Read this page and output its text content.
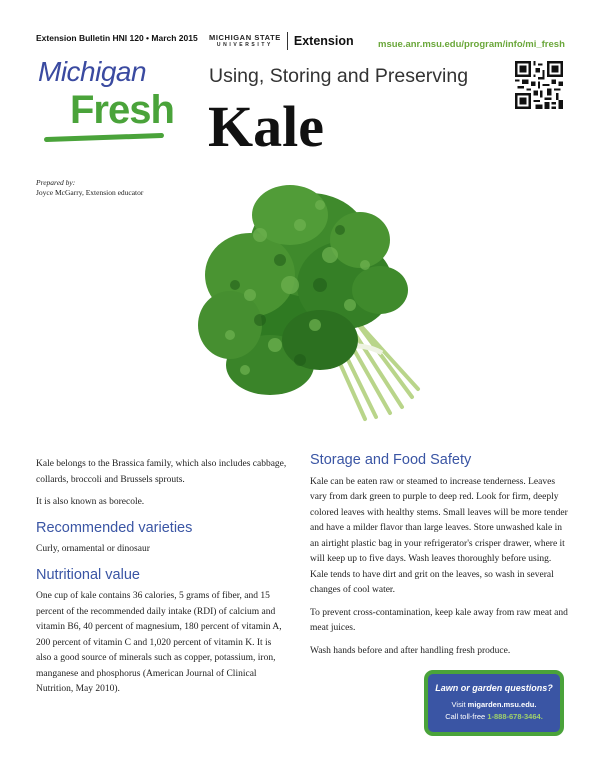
Extension Bulletin HNI 120 • March 2015 MICHIGAN STATE
UNIVERSITY	Extension	msue.anr.msu.edu/program/info/mi_fresh
Michigan
Fresh
Using, Storing and Preserving
Kale
Prepared by:
Joyce McGarry, Extension educator

Kale belongs to the Brassica family, which also includes cabbage, collards, broccoli and Brussels sprouts.

It is also known as borecole.

Recommended varieties

Curly, ornamental or dinosaur

Nutritional value

One cup of kale contains 36 calories, 5 grams of fiber, and 15 percent of the recommended daily intake (RDI) of calcium and vitamin B6, 40 percent of magnesium, 180 percent of vitamin A, 200 percent of vitamin C and 1,020 percent of vitamin K. It is also a good source of minerals such as copper, potassium, iron, manganese and phosphorus (American Journal of Clinical Nutrition, May 2010).

Storage and Food Safety

Kale can be eaten raw or steamed to increase tenderness. Leaves vary from dark green to purple to deep red. Look for firm, deeply colored leaves with healthy stems. Small leaves will be more tender and have a milder flavor than large leaves. Store unwashed kale in an airtight plastic bag in your refrigerator's crisper drawer, where it will keep up to five days. Wash leaves thoroughly before using. Kale tends to have dirt and grit on the leaves, so wash in several changes of cool water.

To prevent cross-contamination, keep kale away from raw meat and meat juices.

Wash hands before and after handling fresh produce.

Lawn or garden questions?
Visit migarden.msu.edu.
Call toll-free 1-888-678-3464.
